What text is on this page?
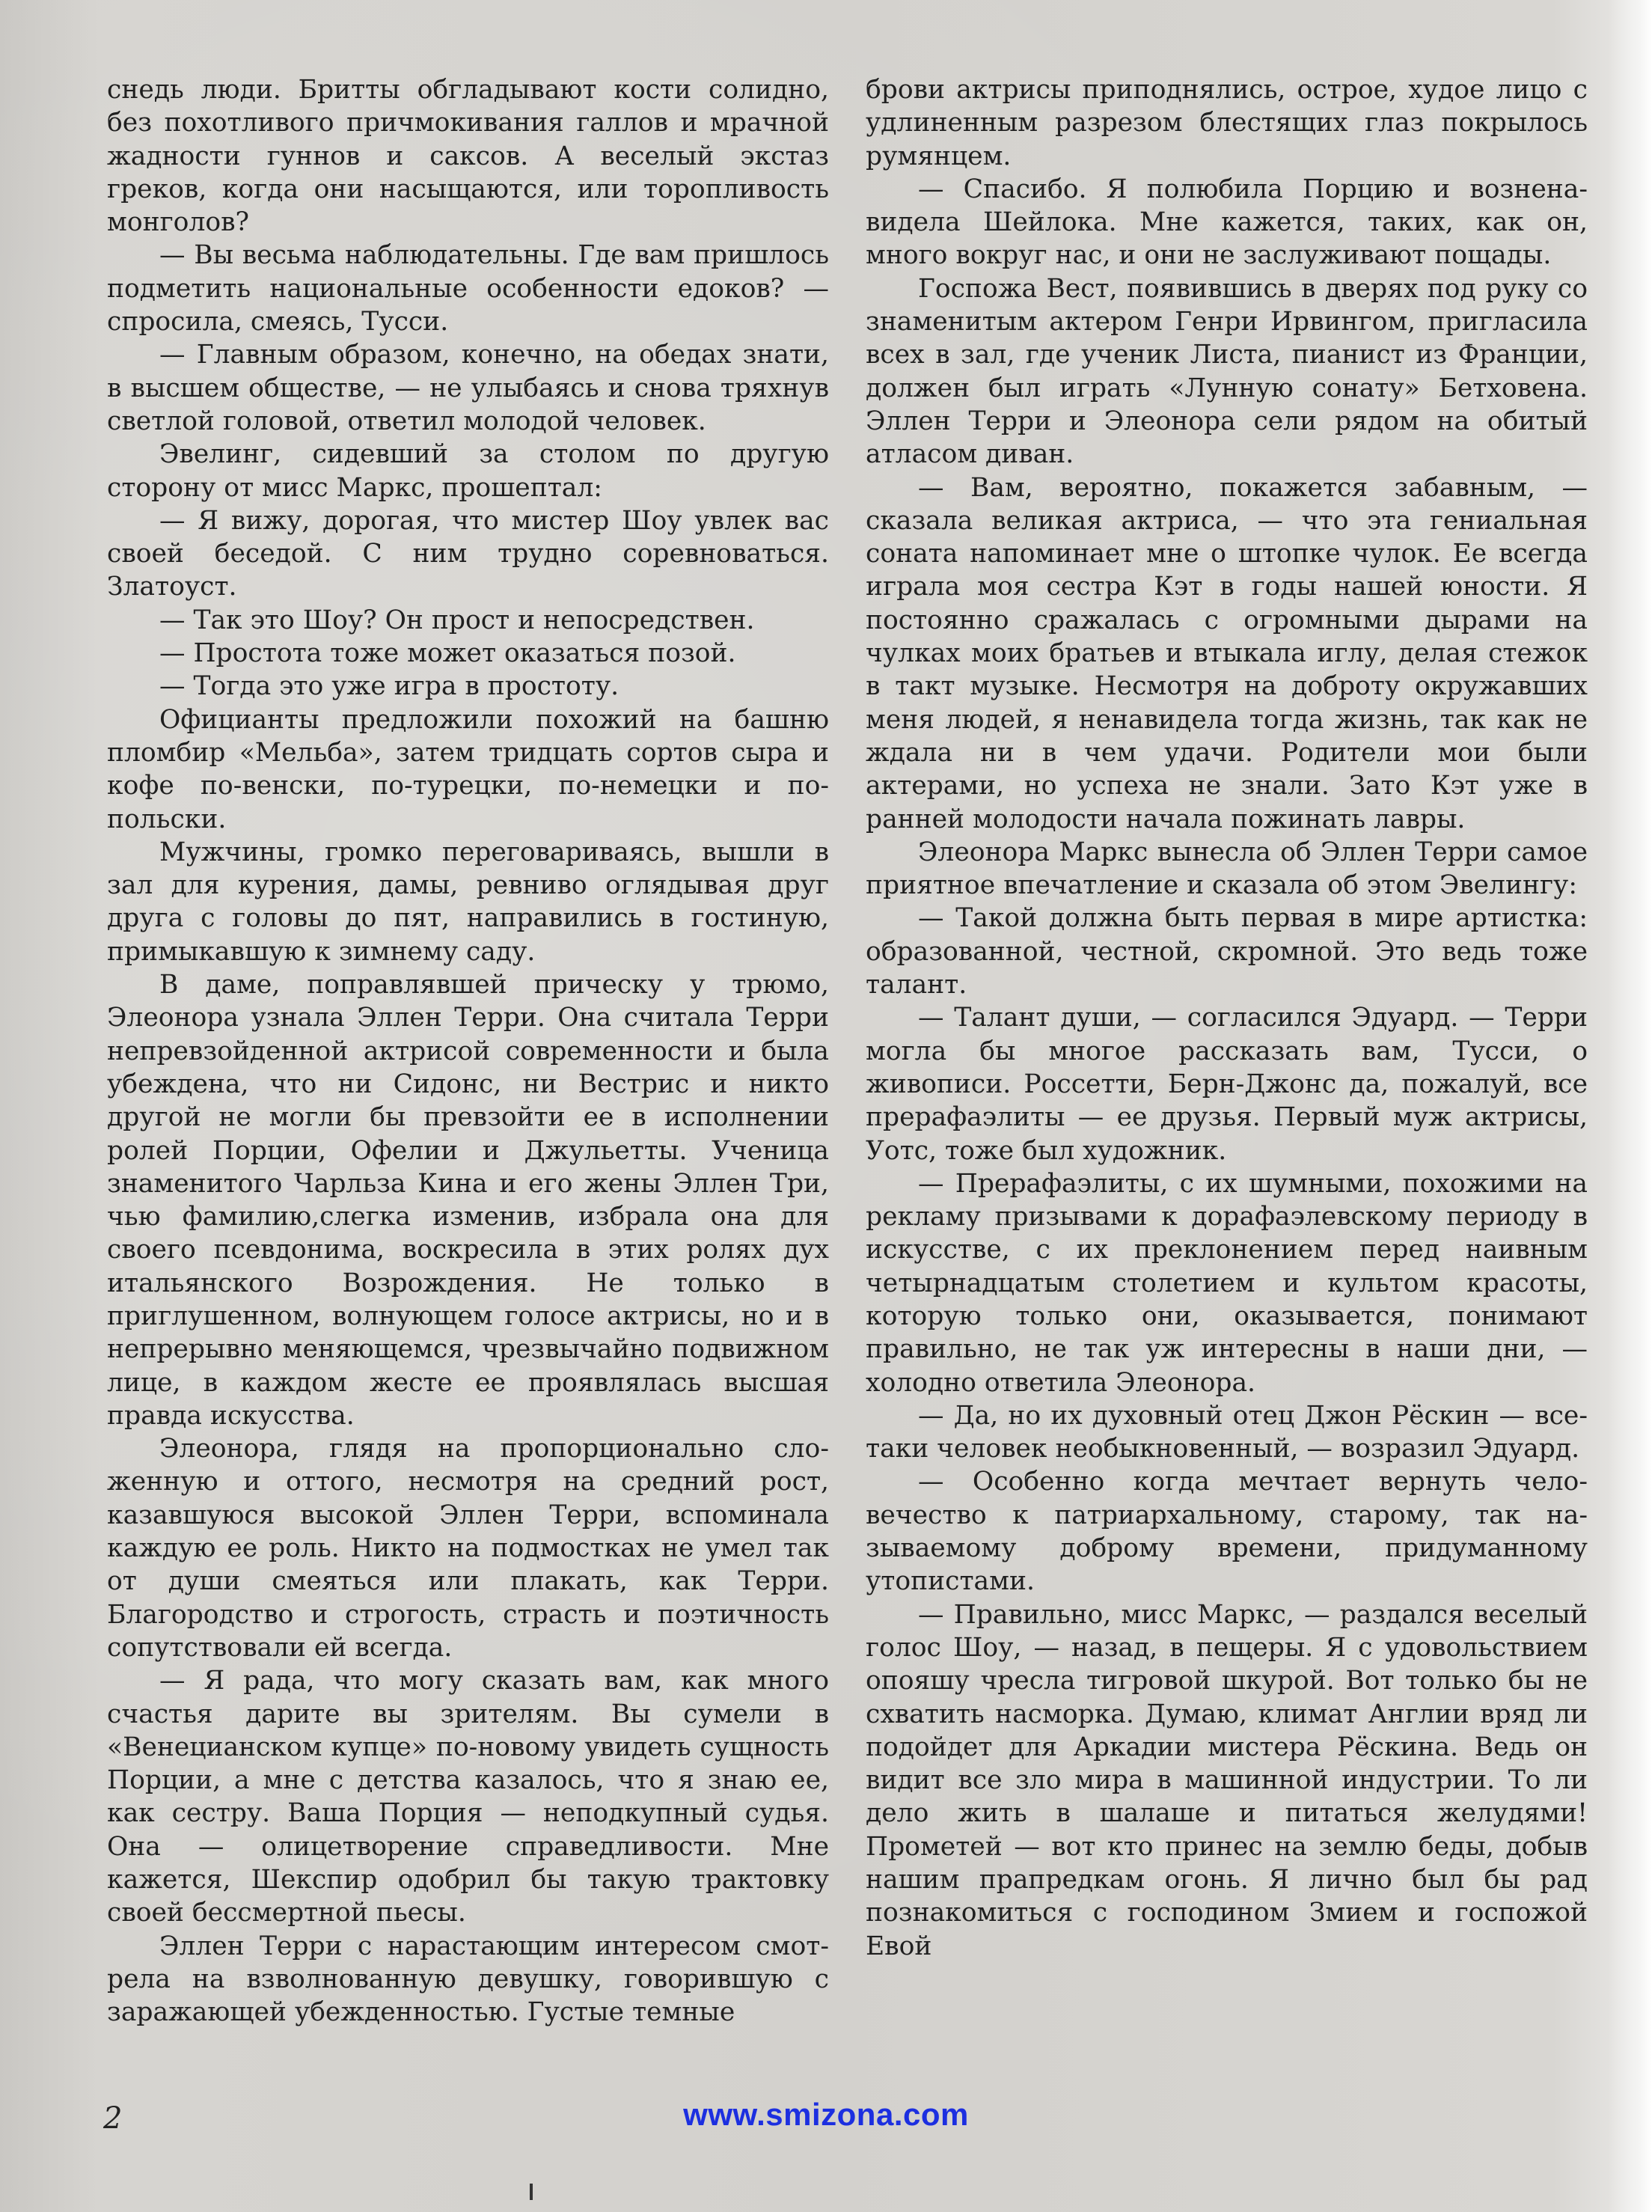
снедь люди. Бритты обгладывают кости солидно, без похотливого причмокивания галлов и мрачной жадности гуннов и саксов. А веселый экстаз греков, когда они насыщаются, или торопливость монголов?

— Вы весьма наблюдательны. Где вам пришлось подметить национальные особенности едоков? — спросила, смеясь, Тусси.

— Главным образом, конечно, на обедах знати, в высшем обществе, — не улыбаясь и снова тряхнув светлой головой, ответил молодой человек.

Эвелинг, сидевший за столом по другую сторону от мисс Маркс, прошептал:

— Я вижу, дорогая, что мистер Шоу увлек вас своей беседой. С ним трудно соревноваться. Златоуст.

— Так это Шоу? Он прост и непосредствен.

— Простота тоже может оказаться позой.

— Тогда это уже игра в простоту.

Официанты предложили похожий на башню пломбир «Мельба», затем тридцать сортов сыра и кофе по-венски, по-турецки, по-немецки и по-польски.

Мужчины, громко переговариваясь, вышли в зал для курения, дамы, ревниво оглядывая друг друга с головы до пят, направились в гостиную, примыкавшую к зимнему саду.

В даме, поправлявшей прическу у трюмо, Элеонора узнала Эллен Терри. Она считала Терри непревзойденной актрисой современности и была убеждена, что ни Сидонс, ни Вестрис и никто другой не могли бы превзойти ее в исполнении ролей Порции, Офелии и Джульетты. Ученица знаменитого Чарльза Кина и его жены Эллен Три, чью фамилию,слегка изменив, избрала она для своего псевдонима, воскресила в этих ролях дух итальянского Возрождения. Не только в приглушенном, волнующем голосе актрисы, но и в непрерывно меняющемся, чрезвычайно подвижном лице, в каждом жесте ее проявлялась высшая правда искусства.

Элеонора, глядя на пропорционально сложенную и оттого, несмотря на средний рост, казавшуюся высокой Эллен Терри, вспоминала каждую ее роль. Никто на подмостках не умел так от души смеяться или плакать, как Терри. Благородство и строгость, страсть и поэтичность сопутствовали ей всегда.

— Я рада, что могу сказать вам, как много счастья дарите вы зрителям. Вы сумели в «Венецианском купце» по-новому увидеть сущность Порции, а мне с детства казалось, что я знаю ее, как сестру. Ваша Порция — неподкупный судья. Она — олицетворение справедливости. Мне кажется, Шекспир одобрил бы такую трактовку своей бессмертной пьесы.

Эллен Терри с нарастающим интересом смотрела на взволнованную девушку, говорившую с заражающей убежденностью. Густые темные

брови актрисы приподнялись, острое, худое лицо с удлиненным разрезом блестящих глаз покрылось румянцем.

— Спасибо. Я полюбила Порцию и возненавидела Шейлока. Мне кажется, таких, как он, много вокруг нас, и они не заслуживают пощады.

Госпожа Вест, появившись в дверях под руку со знаменитым актером Генри Ирвингом, пригласила всех в зал, где ученик Листа, пианист из Франции, должен был играть «Лунную сонату» Бетховена. Эллен Терри и Элеонора сели рядом на обитый атласом диван.

— Вам, вероятно, покажется забавным, — сказала великая актриса, — что эта гениальная соната напоминает мне о штопке чулок. Ее всегда играла моя сестра Кэт в годы нашей юности. Я постоянно сражалась с огромными дырами на чулках моих братьев и втыкала иглу, делая стежок в такт музыке. Несмотря на доброту окружавших меня людей, я ненавидела тогда жизнь, так как не ждала ни в чем удачи. Родители мои были актерами, но успеха не знали. Зато Кэт уже в ранней молодости начала пожинать лавры.

Элеонора Маркс вынесла об Эллен Терри самое приятное впечатление и сказала об этом Эвелингу:

— Такой должна быть первая в мире артистка: образованной, честной, скромной. Это ведь тоже талант.

— Талант души, — согласился Эдуард. — Терри могла бы многое рассказать вам, Тусси, о живописи. Россетти, Берн-Джонс да, пожалуй, все прерафаэлиты — ее друзья. Первый муж актрисы, Уотс, тоже был художник.

— Прерафаэлиты, с их шумными, похожими на рекламу призывами к дорафаэлевскому периоду в искусстве, с их преклонением перед наивным четырнадцатым столетием и культом красоты, которую только они, оказывается, понимают правильно, не так уж интересны в наши дни, — холодно ответила Элеонора.

— Да, но их духовный отец Джон Рёскин — все-таки человек необыкновенный, — возразил Эдуард.

— Особенно когда мечтает вернуть человечество к патриархальному, старому, так называемому доброму времени, придуманному утопистами.

— Правильно, мисс Маркс, — раздался веселый голос Шоу, — назад, в пещеры. Я с удовольствием опояшу чресла тигровой шкурой. Вот только бы не схватить насморка. Думаю, климат Англии вряд ли подойдет для Аркадии мистера Рёскина. Ведь он видит все зло мира в машинной индустрии. То ли дело жить в шалаше и питаться желудями! Прометей — вот кто принес на землю беды, добыв нашим прапредкам огонь. Я лично был бы рад познакомиться с господином Змием и госпожой Евой

2	www.smizona.com
